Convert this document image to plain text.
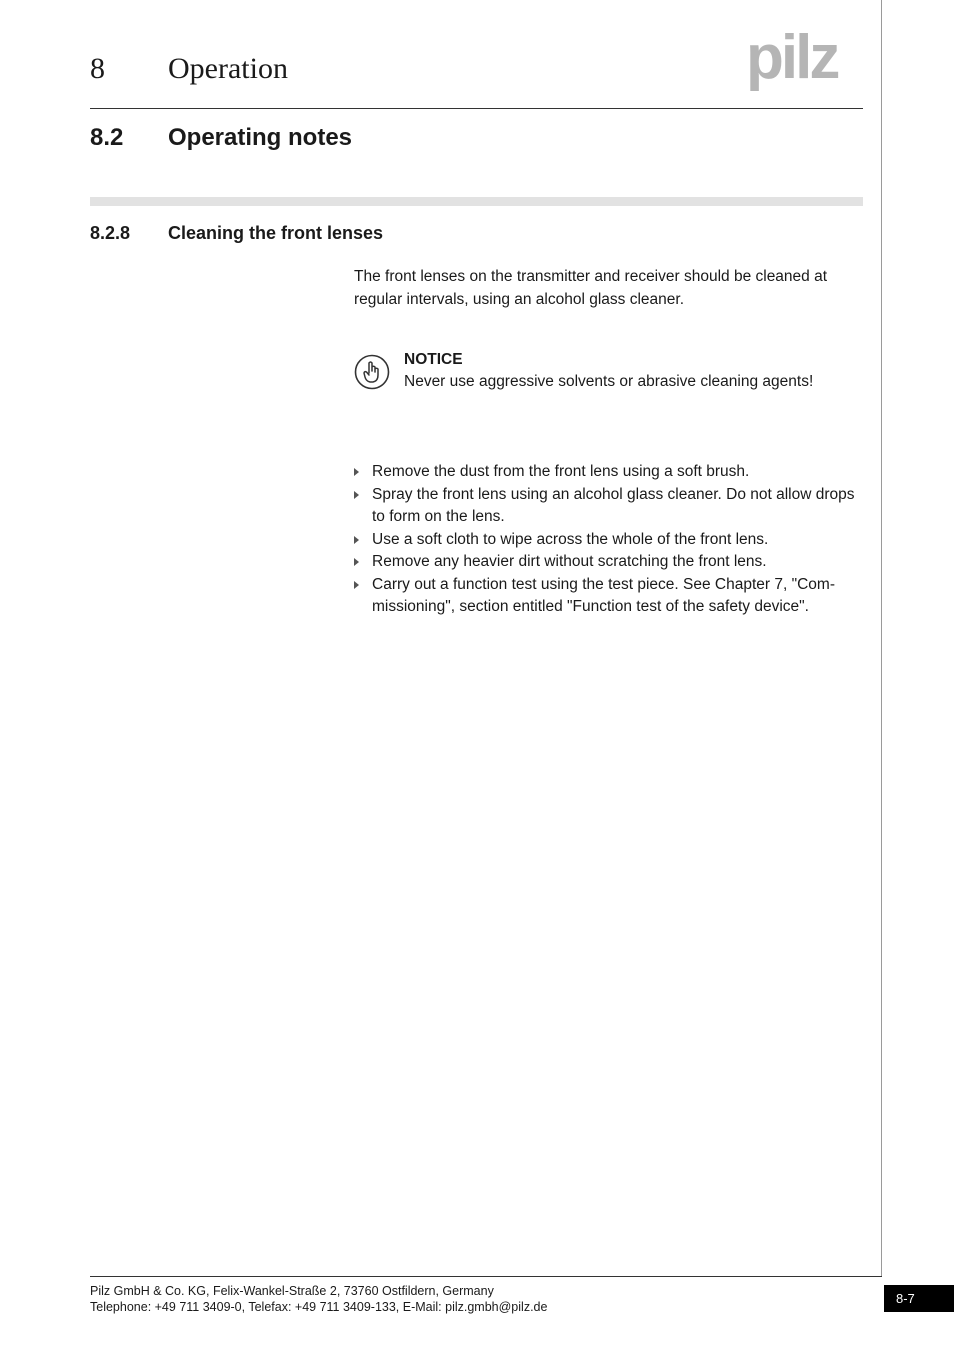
8 Operation	pilz
8.2 Operating notes
8.2.8 Cleaning the front lenses

The front lenses on the transmitter and receiver should be cleaned at regular intervals, using an alcohol glass cleaner.

NOTICE
Never use aggressive solvents or abrasive cleaning agents!
Remove the dust from the front lens using a soft brush.
Spray the front lens using an alcohol glass cleaner. Do not allow drops to form on the lens.
Use a soft cloth to wipe across the whole of the front lens.
Remove any heavier dirt without scratching the front lens.
Carry out a function test using the test piece. See Chapter 7, "Com-missioning", section entitled "Function test of the safety device".
Pilz GmbH & Co. KG, Felix-Wankel-Straße 2, 73760 Ostfildern, Germany
Telephone: +49 711 3409-0, Telefax: +49 711 3409-133, E-Mail: pilz.gmbh@pilz.de
8-7
